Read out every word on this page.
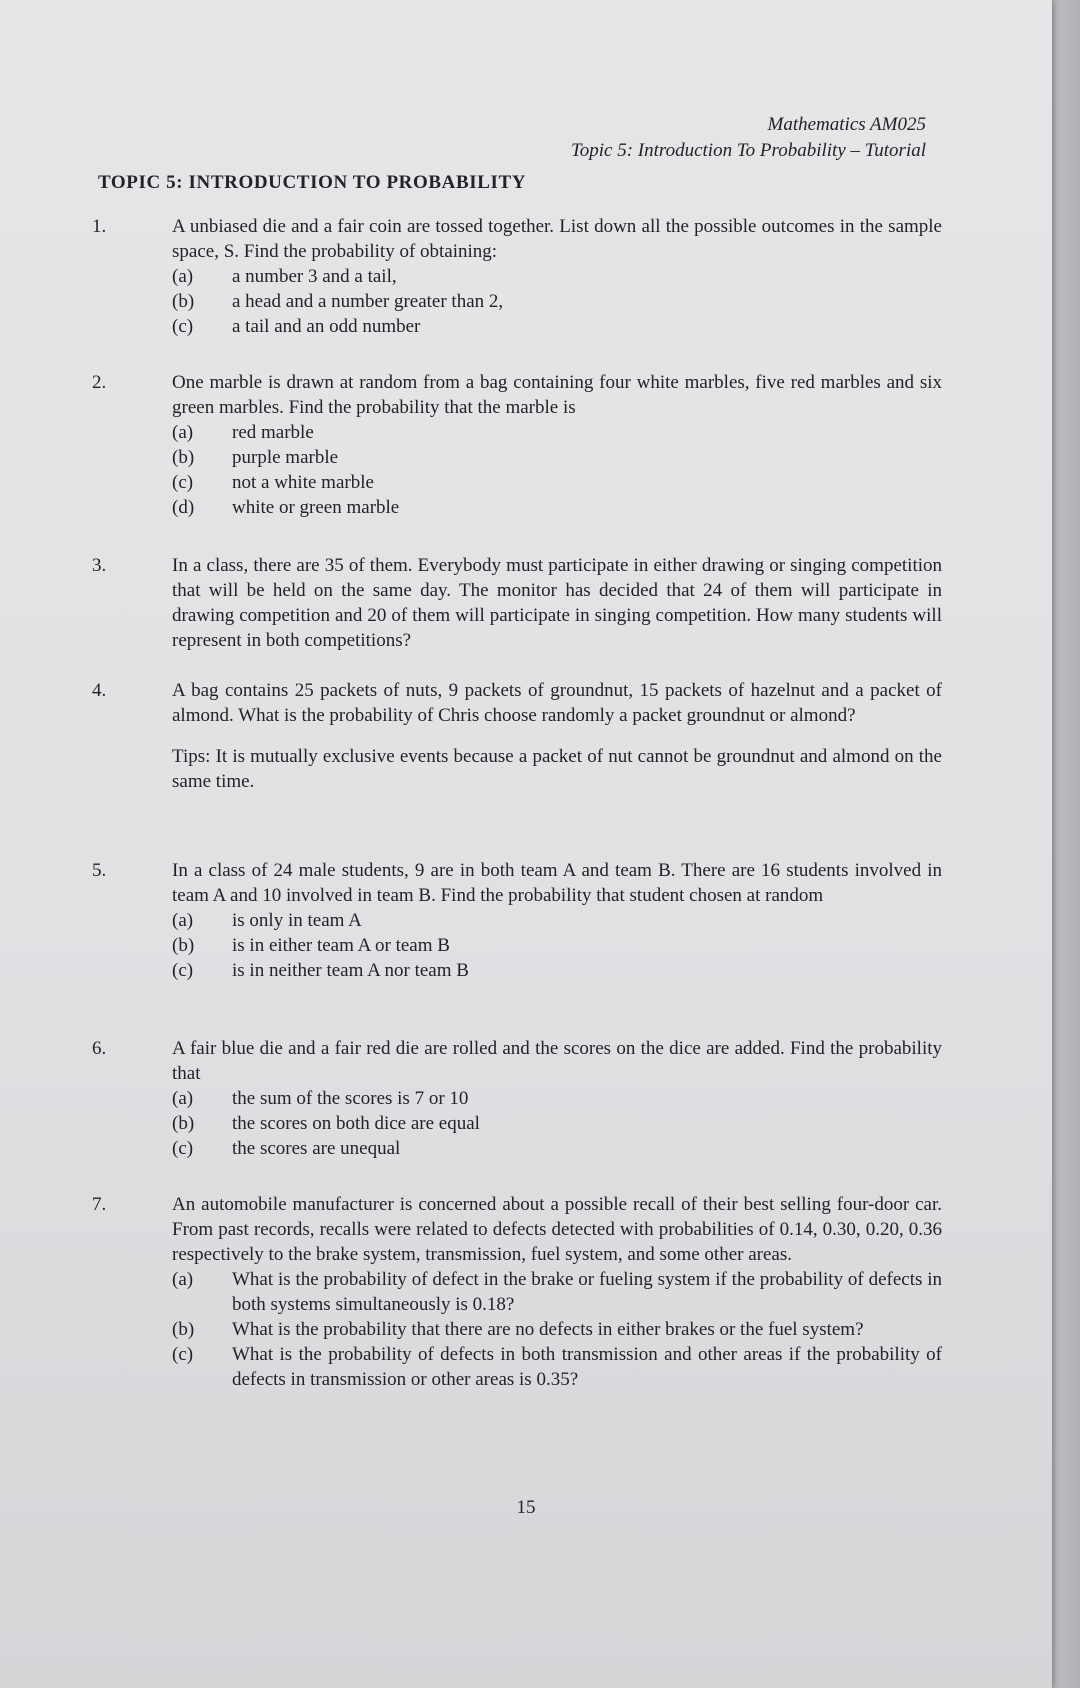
Mathematics AM025
Topic 5: Introduction To Probability – Tutorial
TOPIC 5: INTRODUCTION TO PROBABILITY
1.	A unbiased die and a fair coin are tossed together. List down all the possible outcomes in the sample space, S. Find the probability of obtaining:
(a) a number 3 and a tail,
(b) a head and a number greater than 2,
(c) a tail and an odd number
2.	One marble is drawn at random from a bag containing four white marbles, five red marbles and six green marbles. Find the probability that the marble is
(a) red marble
(b) purple marble
(c) not a white marble
(d) white or green marble
3.	In a class, there are 35 of them. Everybody must participate in either drawing or singing competition that will be held on the same day. The monitor has decided that 24 of them will participate in drawing competition and 20 of them will participate in singing competition. How many students will represent in both competitions?
4.	A bag contains 25 packets of nuts, 9 packets of groundnut, 15 packets of hazelnut and a packet of almond. What is the probability of Chris choose randomly a packet groundnut or almond?
Tips: It is mutually exclusive events because a packet of nut cannot be groundnut and almond on the same time.
5.	In a class of 24 male students, 9 are in both team A and team B. There are 16 students involved in team A and 10 involved in team B. Find the probability that student chosen at random
(a) is only in team A
(b) is in either team A or team B
(c) is in neither team A nor team B
6.	A fair blue die and a fair red die are rolled and the scores on the dice are added. Find the probability that
(a) the sum of the scores is 7 or 10
(b) the scores on both dice are equal
(c) the scores are unequal
7.	An automobile manufacturer is concerned about a possible recall of their best selling four-door car. From past records, recalls were related to defects detected with probabilities of 0.14, 0.30, 0.20, 0.36 respectively to the brake system, transmission, fuel system, and some other areas.
(a) What is the probability of defect in the brake or fueling system if the probability of defects in both systems simultaneously is 0.18?
(b) What is the probability that there are no defects in either brakes or the fuel system?
(c) What is the probability of defects in both transmission and other areas if the probability of defects in transmission or other areas is 0.35?
15
